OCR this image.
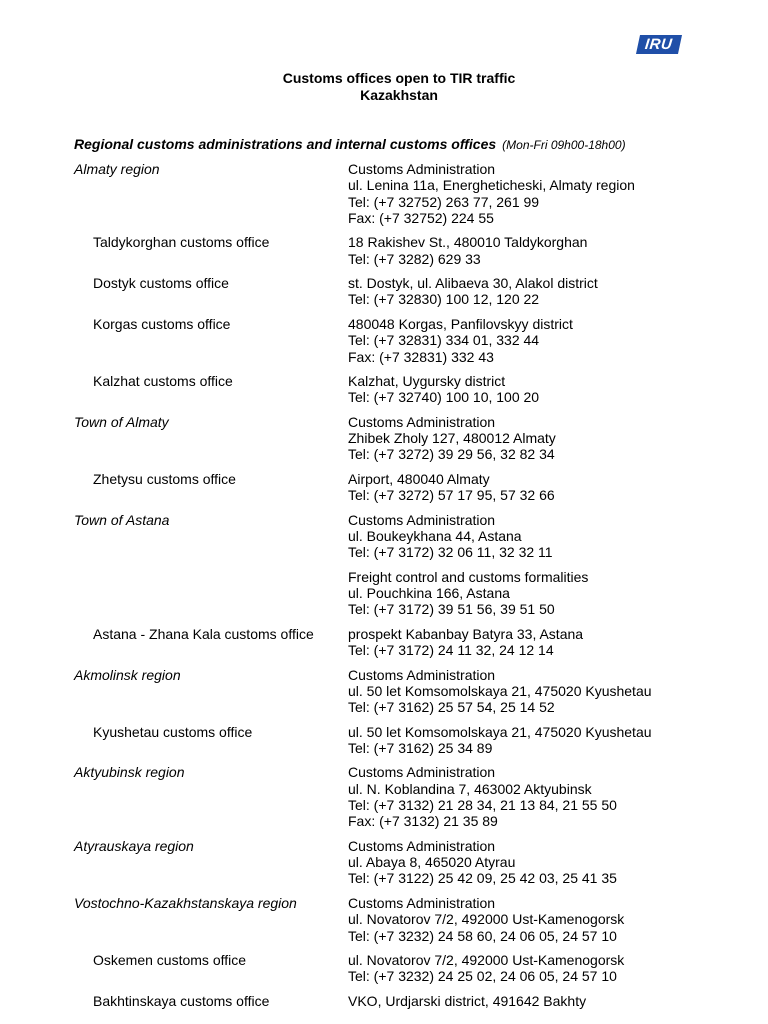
IRU
Customs offices open to TIR traffic
Kazakhstan
Regional customs administrations and internal customs offices (Mon-Fri 09h00-18h00)
Almaty region	Customs Administration
ul. Lenina 11a, Energheticheski, Almaty region
Tel: (+7 32752) 263 77, 261 99
Fax: (+7 32752) 224 55
Taldykorghan customs office	18 Rakishev St., 480010 Taldykorghan
Tel: (+7 3282) 629 33
Dostyk customs office	st. Dostyk, ul. Alibaeva 30, Alakol district
Tel: (+7 32830) 100 12, 120 22
Korgas customs office	480048 Korgas, Panfilovskyy district
Tel: (+7 32831) 334 01, 332 44
Fax: (+7 32831) 332 43
Kalzhat customs office	Kalzhat, Uygursky district
Tel: (+7 32740) 100 10, 100 20
Town of Almaty	Customs Administration
Zhibek Zholy 127, 480012 Almaty
Tel: (+7 3272) 39 29 56, 32 82 34
Zhetysu customs office	Airport, 480040 Almaty
Tel: (+7 3272) 57 17 95, 57 32 66
Town of Astana	Customs Administration
ul. Boukeykhana 44, Astana
Tel: (+7 3172) 32 06 11, 32 32 11
Freight control and customs formalities
ul. Pouchkina 166, Astana
Tel: (+7 3172) 39 51 56, 39 51 50
Astana - Zhana Kala customs office	prospekt Kabanbay Batyra 33, Astana
Tel: (+7 3172) 24 11 32, 24 12 14
Akmolinsk region	Customs Administration
ul. 50 let Komsomolskaya 21, 475020 Kyushetau
Tel: (+7 3162) 25 57 54, 25 14 52
Kyushetau customs office	ul. 50 let Komsomolskaya 21, 475020 Kyushetau
Tel: (+7 3162) 25 34 89
Aktyubinsk region	Customs Administration
ul. N. Koblandina 7, 463002 Aktyubinsk
Tel: (+7 3132) 21 28 34, 21 13 84, 21 55 50
Fax: (+7 3132) 21 35 89
Atyrauskaya region	Customs Administration
ul. Abaya 8, 465020 Atyrau
Tel: (+7 3122) 25 42 09, 25 42 03, 25 41 35
Vostochno-Kazakhstanskaya region	Customs Administration
ul. Novatorov 7/2, 492000 Ust-Kamenogorsk
Tel: (+7 3232) 24 58 60, 24 06 05, 24 57 10
Oskemen customs office	ul. Novatorov 7/2, 492000 Ust-Kamenogorsk
Tel: (+7 3232) 24 25 02, 24 06 05, 24 57 10
Bakhtinskaya customs office	VKO, Urdjarski district, 491642 Bakhty
